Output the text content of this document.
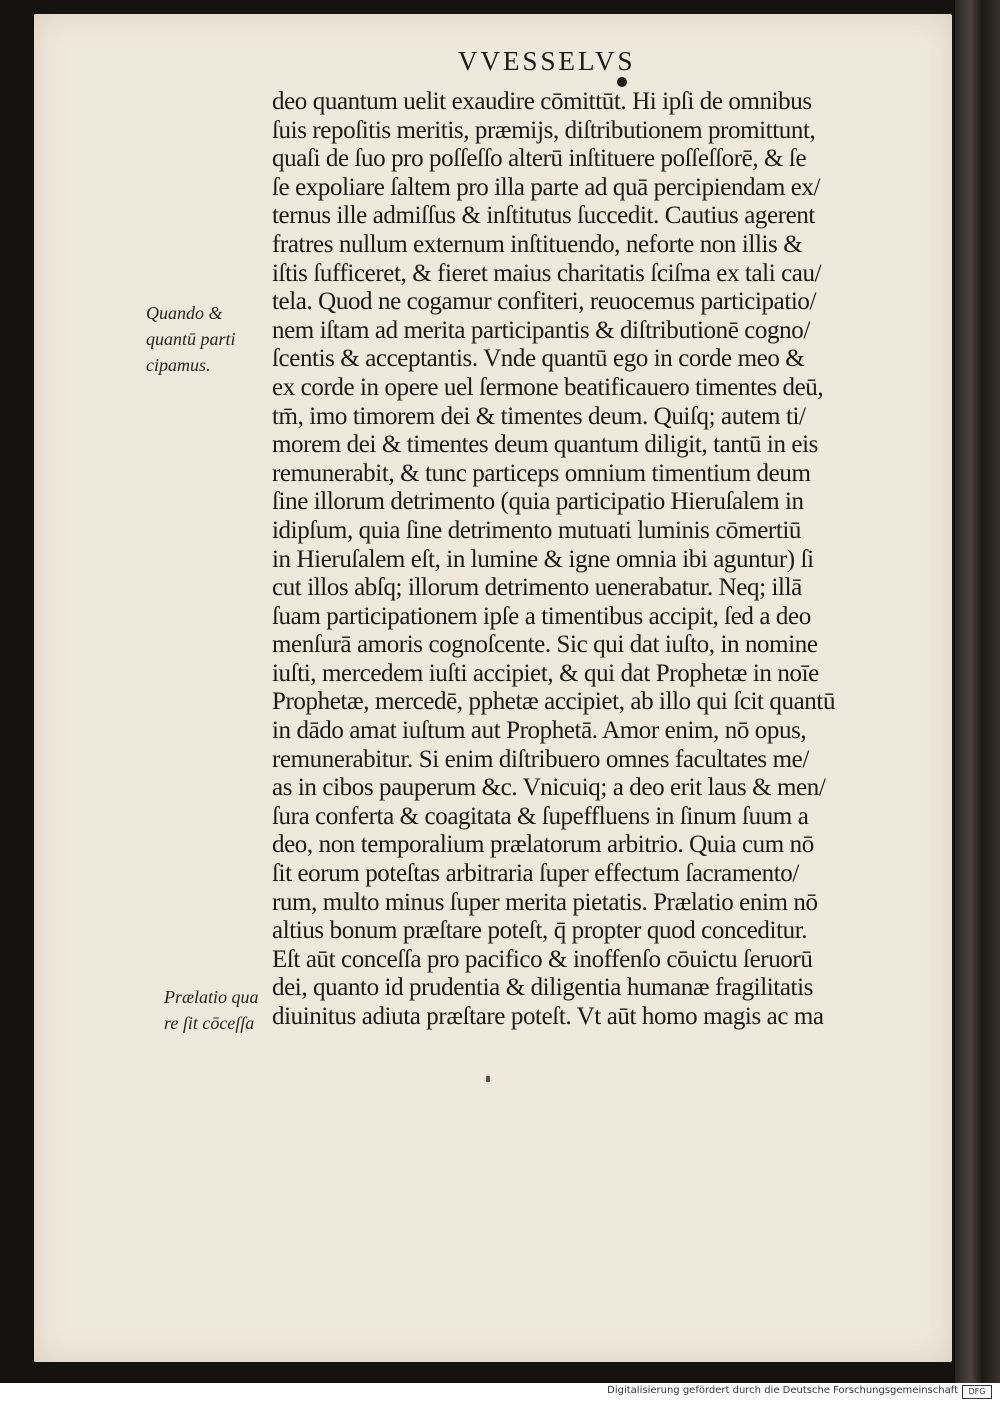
VVESSELVS
Quando &
quantū parti
cipamus.
Prælatio qua
re ſit cōceſſa
deo quantum uelit exaudire cōmittūt. Hi ipſi de omnibus
ſuis repoſitis meritis, præmĳs, diſtributionem promittunt,
quaſi de ſuo pro poſſeſſo alterū inſtituere poſſeſſorē, & ſe
ſe expoliare ſaltem pro illa parte ad quā percipiendam ex/
ternus ille admiſſus & inſtitutus ſuccedit. Cautius agerent
fratres nullum externum inſtituendo, neforte non illis &
iſtis ſufficeret, & fieret maius charitatis ſciſma ex tali cau/
tela. Quod ne cogamur confiteri, reuocemus participatio/
nem iſtam ad merita participantis & diſtributionē cogno/
ſcentis & acceptantis. Vnde quantū ego in corde meo &
ex corde in opere uel ſermone beatificauero timentes deū,
tm̄, imo timorem dei & timentes deum. Quiſq; autem ti/
morem dei & timentes deum quantum diligit, tantū in eis
remunerabit, & tunc particeps omnium timentium deum
ſine illorum detrimento (quia participatio Hieruſalem in
idipſum, quia ſine detrimento mutuati luminis cōmertiū
in Hieruſalem eſt, in lumine & igne omnia ibi aguntur) ſi
cut illos abſq; illorum detrimento uenerabatur. Neq; illā
ſuam participationem ipſe a timentibus accipit, ſed a deo
menſurā amoris cognoſcente. Sic qui dat iuſto, in nomine
iuſti, mercedem iuſti accipiet, & qui dat Prophetæ in noīe
Prophetæ, mercedē, pphetæ accipiet, ab illo qui ſcit quantū
in dādo amat iuſtum aut Prophetā. Amor enim, nō opus,
remunerabitur. Si enim diſtribuero omnes facultates me/
as in cibos pauperum &c. Vnicuiq; a deo erit laus & men/
ſura conferta & coagitata & ſupeffluens in ſinum ſuum a
deo, non temporalium prælatorum arbitrio. Quia cum nō
ſit eorum poteſtas arbitraria ſuper effectum ſacramento/
rum, multo minus ſuper merita pietatis. Prælatio enim nō
altius bonum præſtare poteſt, q̄ propter quod conceditur.
Eſt aūt conceſſa pro pacifico & inoffenſo cōuictu ſeruorū
dei, quanto id prudentia & diligentia humanæ fragilitatis
diuinitus adiuta præſtare poteſt. Vt aūt homo magis ac ma
Digitalisierung gefördert durch die Deutsche Forschungsgemeinschaft	DFG
